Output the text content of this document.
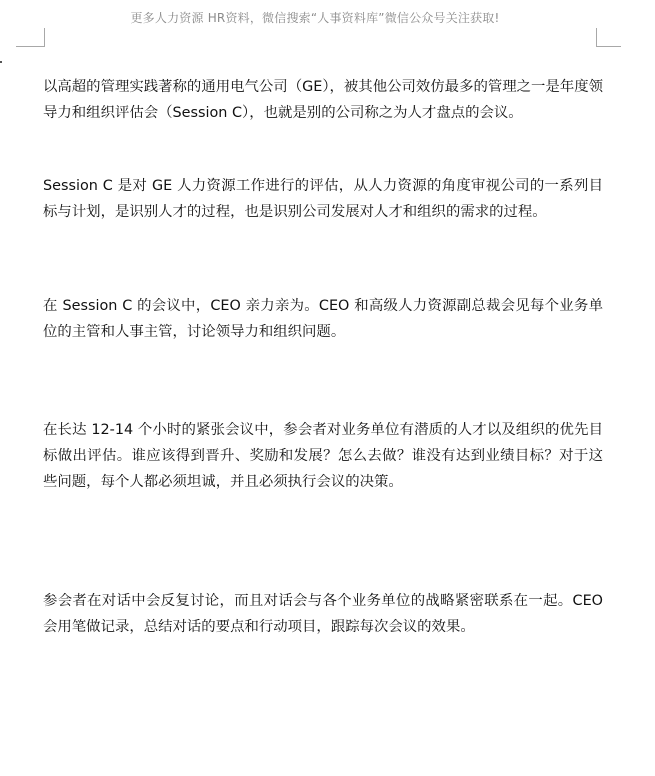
更多人力资源 HR资料，微信搜索“人事资料库”微信公众号关注获取!

以高超的管理实践著称的通用电气公司（GE），被其他公司效仿最多的管理之一是年度领导力和组织评估会（Session C），也就是别的公司称之为人才盘点的会议。

Session C 是对 GE 人力资源工作进行的评估，从人力资源的角度审视公司的一系列目标与计划，是识别人才的过程，也是识别公司发展对人才和组织的需求的过程。

在 Session C 的会议中，CEO 亲力亲为。CEO 和高级人力资源副总裁会见每个业务单位的主管和人事主管，讨论领导力和组织问题。

在长达 12-14 个小时的紧张会议中，参会者对业务单位有潜质的人才以及组织的优先目标做出评估。谁应该得到晋升、奖励和发展？怎么去做？谁没有达到业绩目标？对于这些问题，每个人都必须坦诚，并且必须执行会议的决策。

参会者在对话中会反复讨论，而且对话会与各个业务单位的战略紧密联系在一起。CEO 会用笔做记录，总结对话的要点和行动项目，跟踪每次会议的效果。
